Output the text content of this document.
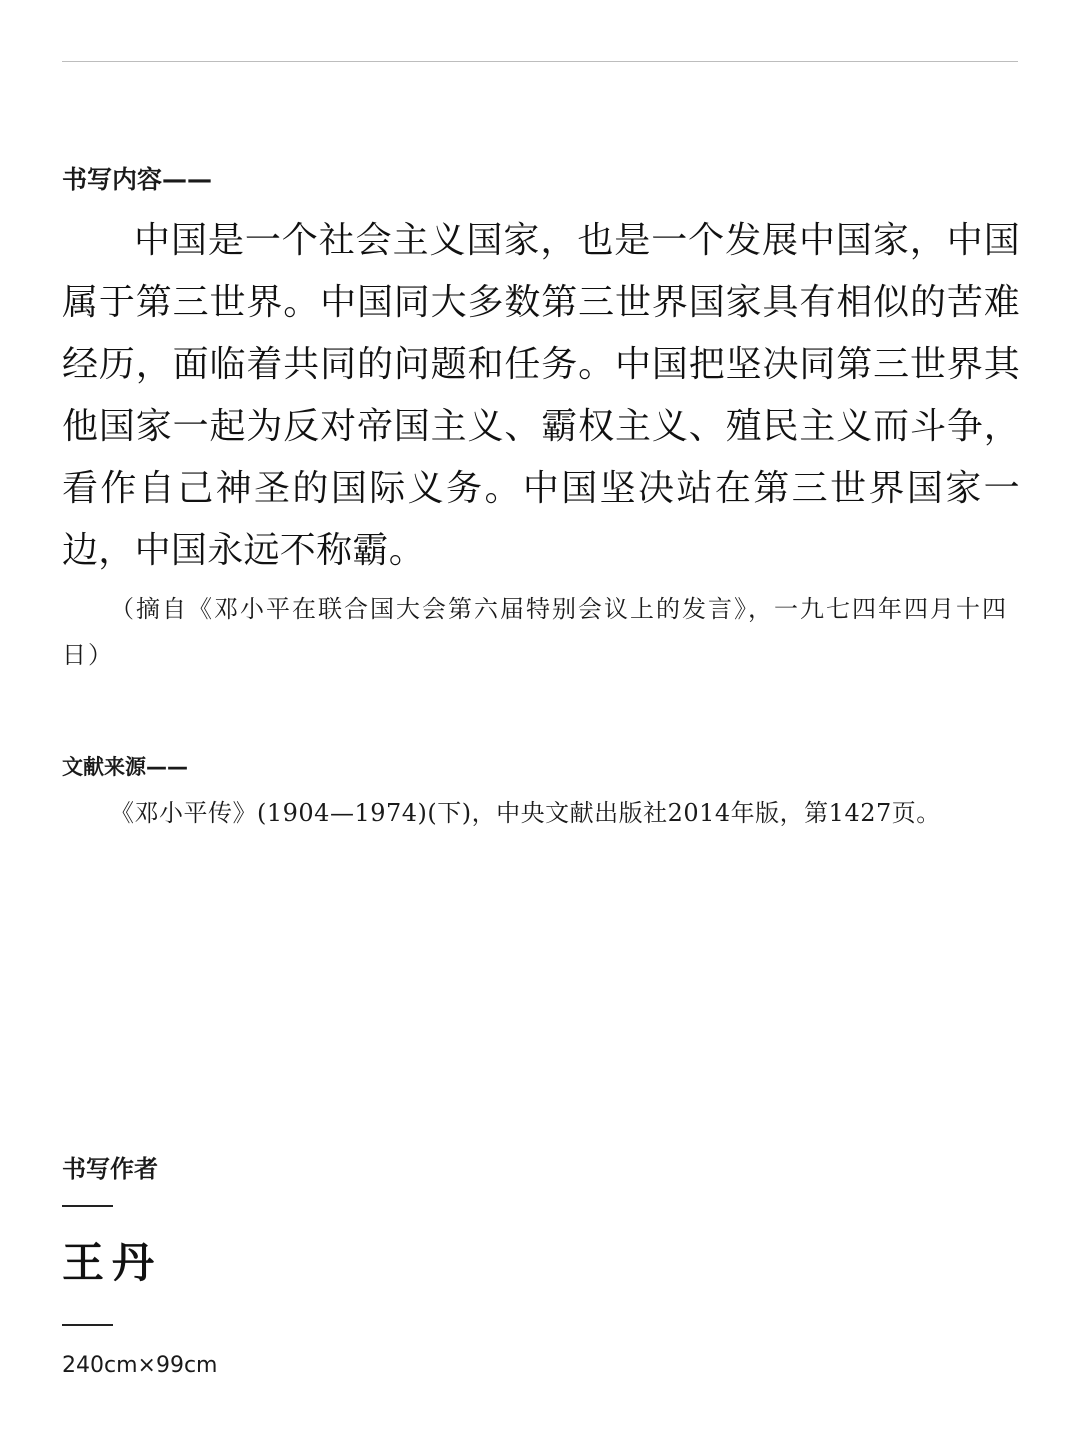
书写内容——

中国是一个社会主义国家，也是一个发展中国家，中国属于第三世界。中国同大多数第三世界国家具有相似的苦难经历，面临着共同的问题和任务。中国把坚决同第三世界其他国家一起为反对帝国主义、霸权主义、殖民主义而斗争，看作自己神圣的国际义务。中国坚决站在第三世界国家一边，中国永远不称霸。

（摘自《邓小平在联合国大会第六届特别会议上的发言》，一九七四年四月十四日）

文献来源——

《邓小平传》(1904—1974)(下)，中央文献出版社2014年版，第1427页。

书写作者
王丹
240cm×99cm
